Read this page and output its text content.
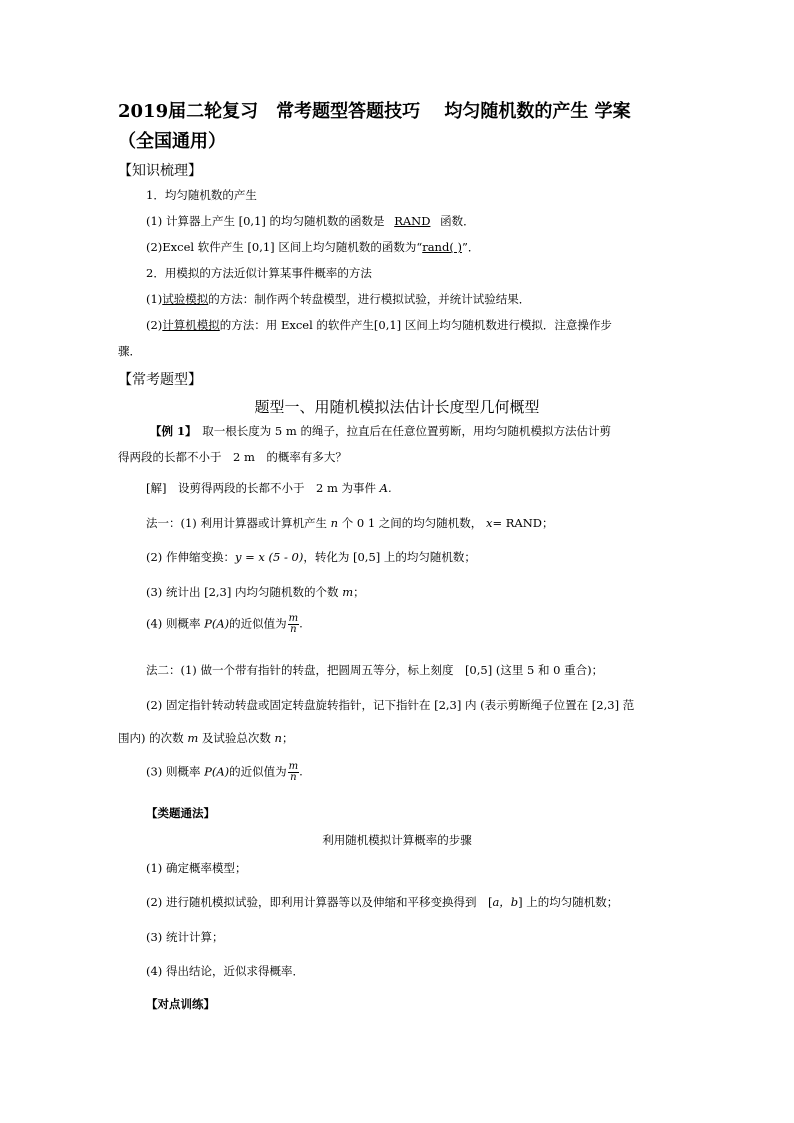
2019届二轮复习　常考题型答题技巧　 均匀随机数的产生 学案
（全国通用）
【知识梳理】
1．均匀随机数的产生
(1) 计算器上产生 [0,1] 的均匀随机数的函数是 RAND 函数．
(2)Excel 软件产生 [0,1] 区间上均匀随机数的函数为“rand( )”．
2．用模拟的方法近似计算某事件概率的方法
(1)试验模拟的方法：制作两个转盘模型，进行模拟试验，并统计试验结果．
(2)计算机模拟的方法：用 Excel 的软件产生[0,1] 区间上均匀随机数进行模拟．注意操作步
骤．
【常考题型】
题型一、用随机模拟法估计长度型几何概型
【例 1】　取一根长度为 5 m 的绳子，拉直后在任意位置剪断，用均匀随机模拟方法估计剪
得两段的长都不小于　2 m　的概率有多大？
[解]　设剪得两段的长都不小于　2 m 为事件 A.
法一：(1) 利用计算器或计算机产生 n 个 0 1 之间的均匀随机数， x= RAND；
(2) 作伸缩变换：y = x (5 - 0)，转化为 [0,5] 上的均匀随机数；
(3) 统计出 [2,3] 内均匀随机数的个数 m；
(4) 则概率 P(A)的近似值为 $\frac{m}{n}$ .
法二：(1) 做一个带有指针的转盘，把圆周五等分，标上刻度　[0,5] (这里 5 和 0 重合)；
(2) 固定指针转动转盘或固定转盘旋转指针，记下指针在 [2,3] 内 (表示剪断绳子位置在 [2,3] 范
围内) 的次数 m 及试验总次数 n；
(3) 则概率 P(A)的近似值为 $\frac{m}{n}$ .
【类题通法】
利用随机模拟计算概率的步骤
(1) 确定概率模型；
(2) 进行随机模拟试验，即利用计算器等以及伸缩和平移变换得到　[a，b] 上的均匀随机数；
(3) 统计计算；
(4) 得出结论，近似求得概率．
【对点训练】
